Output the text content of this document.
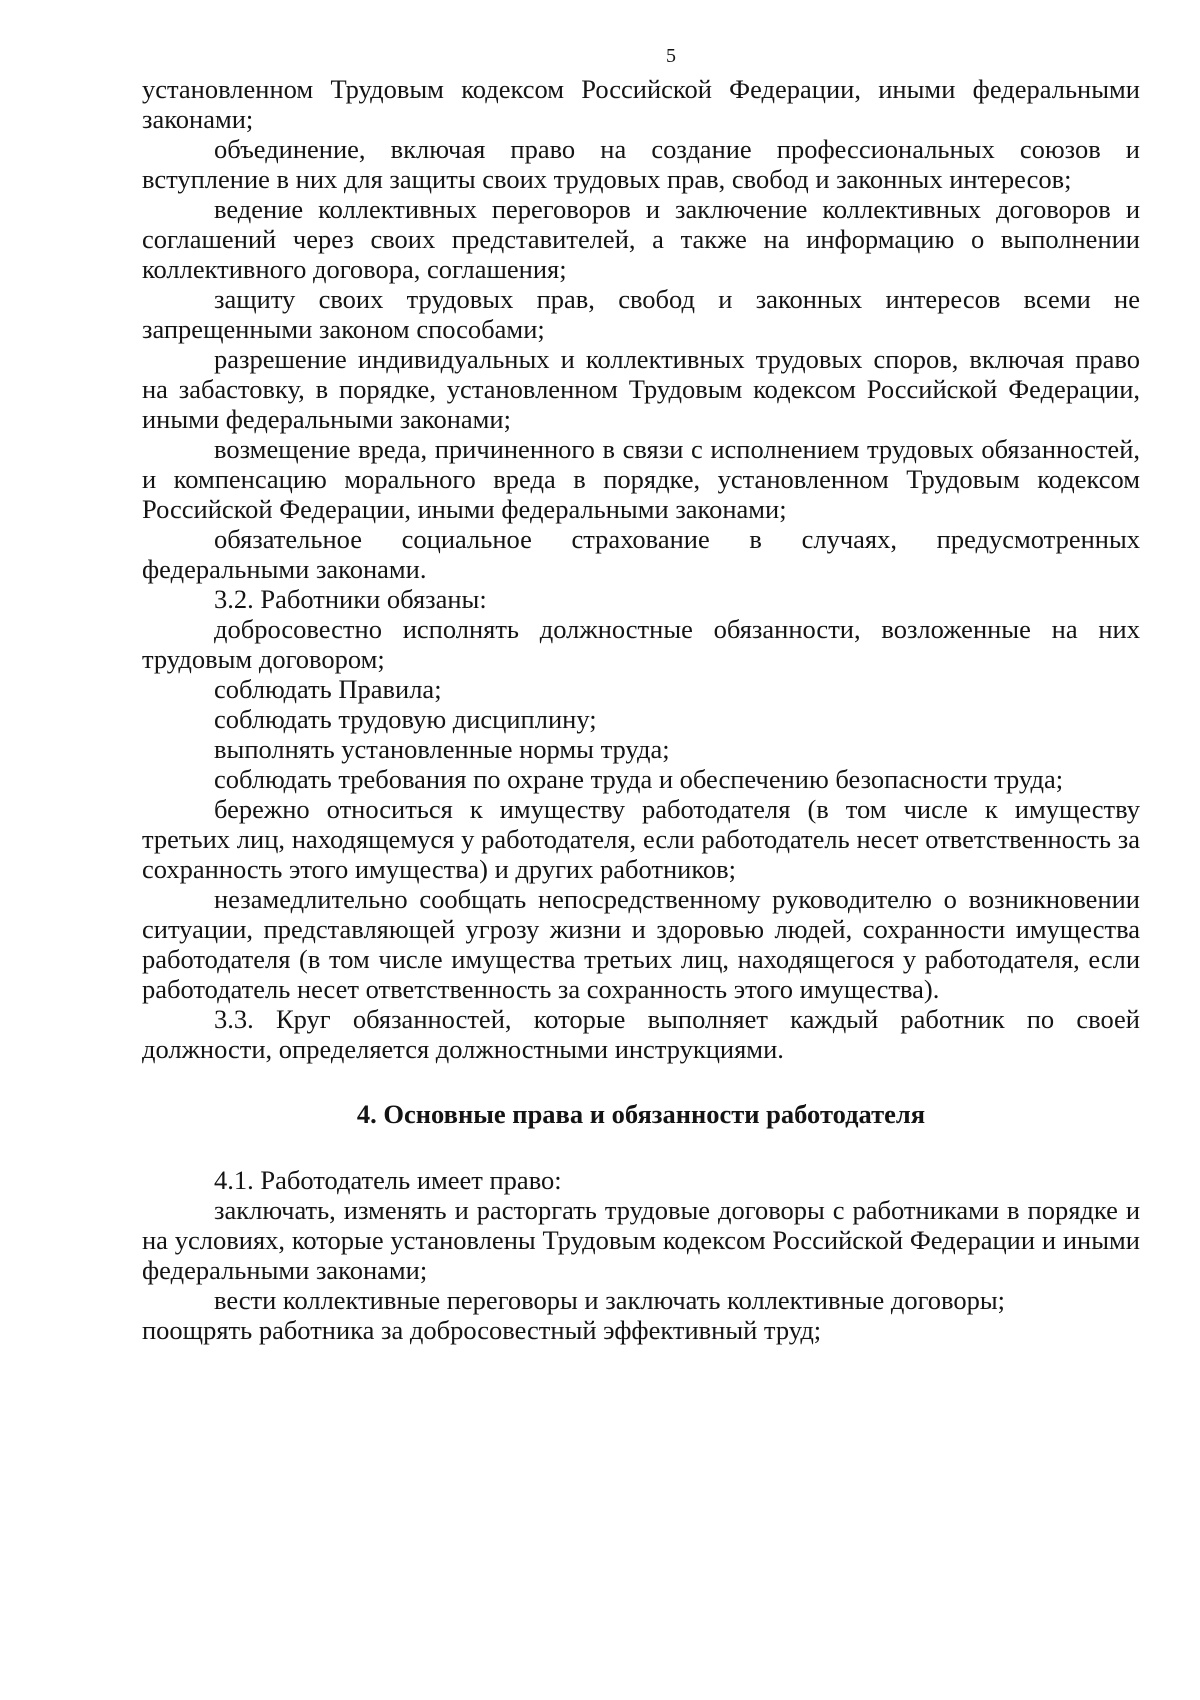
5

установленном Трудовым кодексом Российской Федерации, иными федеральными законами;

объединение, включая право на создание профессиональных союзов и вступление в них для защиты своих трудовых прав, свобод и законных интересов;

ведение коллективных переговоров и заключение коллективных договоров и соглашений через своих представителей, а также на информацию о выполнении коллективного договора, соглашения;

защиту своих трудовых прав, свобод и законных интересов всеми не запрещенными законом способами;

разрешение индивидуальных и коллективных трудовых споров, включая право на забастовку, в порядке, установленном Трудовым кодексом Российской Федерации, иными федеральными законами;

возмещение вреда, причиненного в связи с исполнением трудовых обязанностей, и компенсацию морального вреда в порядке, установленном Трудовым кодексом Российской Федерации, иными федеральными законами;

обязательное социальное страхование в случаях, предусмотренных федеральными законами.

3.2. Работники обязаны:

добросовестно исполнять должностные обязанности, возложенные на них трудовым договором;

соблюдать Правила;

соблюдать трудовую дисциплину;

выполнять установленные нормы труда;

соблюдать требования по охране труда и обеспечению безопасности труда;

бережно относиться к имуществу работодателя (в том числе к имуществу третьих лиц, находящемуся у работодателя, если работодатель несет ответственность за сохранность этого имущества) и других работников;

незамедлительно сообщать непосредственному руководителю о возникновении ситуации, представляющей угрозу жизни и здоровью людей, сохранности имущества работодателя (в том числе имущества третьих лиц, находящегося у работодателя, если работодатель несет ответственность за сохранность этого имущества).

3.3. Круг обязанностей, которые выполняет каждый работник по своей должности, определяется должностными инструкциями.

4. Основные права и обязанности работодателя

4.1. Работодатель имеет право:

заключать, изменять и расторгать трудовые договоры с работниками в порядке и на условиях, которые установлены Трудовым кодексом Российской Федерации и иными федеральными законами;

вести коллективные переговоры и заключать коллективные договоры;

поощрять работника за добросовестный эффективный труд;
